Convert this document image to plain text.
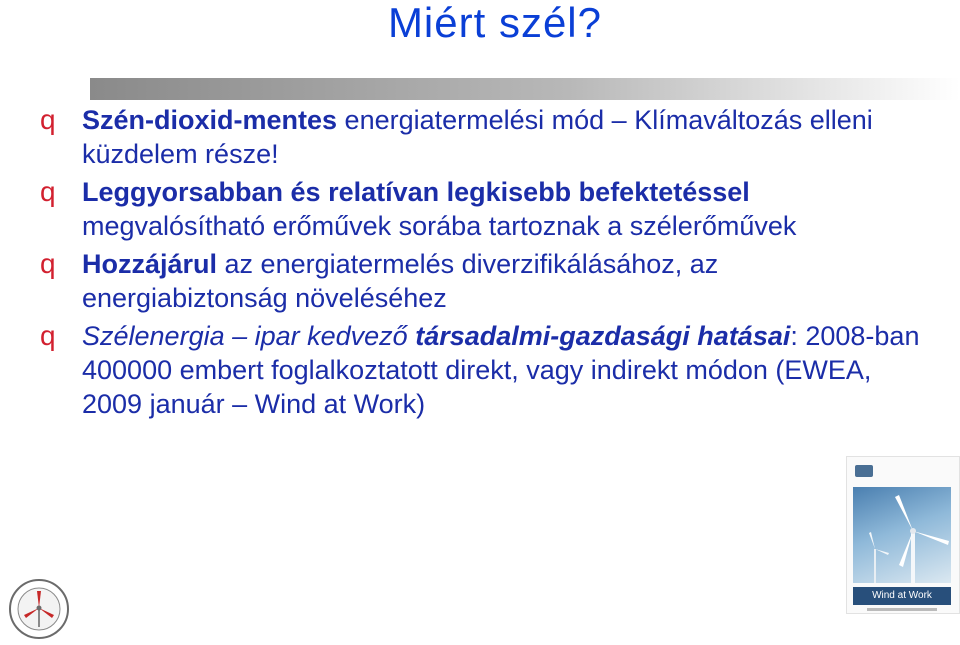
Miért szél?
q Szén-dioxid-mentes energiatermelési mód – Klímaváltozás elleni küzdelem része!
q Leggyorsabban és relatívan legkisebb befektetéssel megvalósítható erőművek sorába tartoznak a szélerőművek
q Hozzájárul az energiatermelés diverzifikálásához, az energiabiztonság növeléséhez
q Szélenergia – ipar kedvező társadalmi-gazdasági hatásai: 2008-ban 400000 embert foglalkoztatott direkt, vagy indirekt módon (EWEA, 2009 január – Wind at Work)
Wind at Work
